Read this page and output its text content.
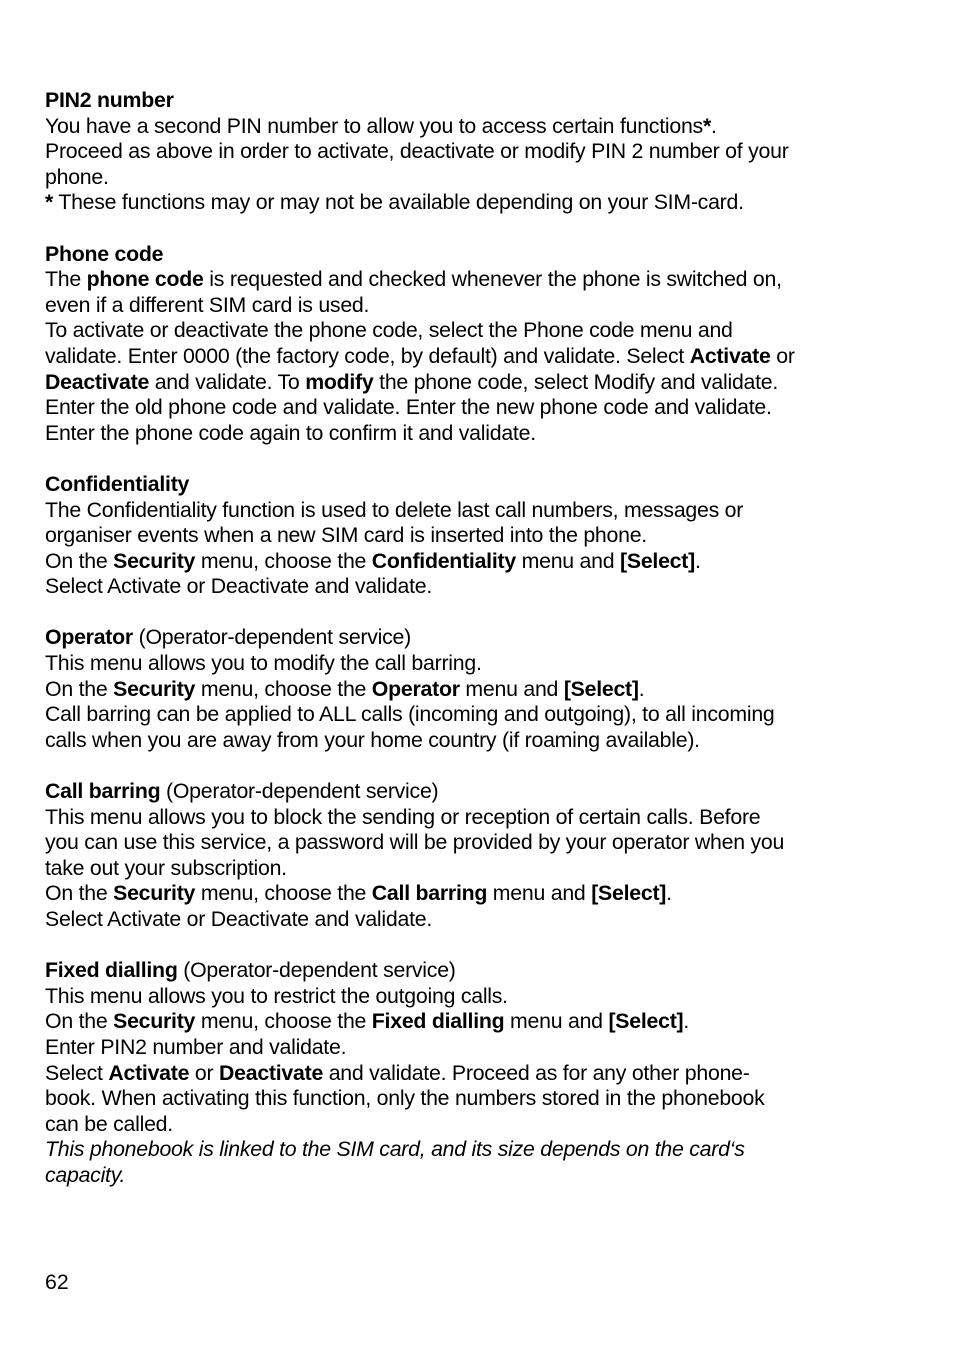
PIN2 number
You have a second PIN number to allow you to access certain functions*.
Proceed as above in order to activate, deactivate or modify PIN 2 number of your
phone.
* These functions may or may not be available depending on your SIM-card.
Phone code
The phone code is requested and checked whenever the phone is switched on,
even if a different SIM card is used.
To activate or deactivate the phone code, select the Phone code menu and
validate. Enter 0000 (the factory code, by default) and validate. Select Activate or
Deactivate and validate. To modify the phone code, select Modify and validate.
Enter the old phone code and validate. Enter the new phone code and validate.
Enter the phone code again to confirm it and validate.
Confidentiality
The Confidentiality function is used to delete last call numbers, messages or
organiser events when a new SIM card is inserted into the phone.
On the Security menu, choose the Confidentiality menu and [Select].
Select Activate or Deactivate and validate.
Operator (Operator-dependent service)
This menu allows you to modify the call barring.
On the Security menu, choose the Operator menu and [Select].
Call barring can be applied to ALL calls (incoming and outgoing), to all incoming
calls when you are away from your home country (if roaming available).
Call barring (Operator-dependent service)
This menu allows you to block the sending or reception of certain calls. Before
you can use this service, a password will be provided by your operator when you
take out your subscription.
On the Security menu, choose the Call barring menu and [Select].
Select Activate or Deactivate and validate.
Fixed dialling (Operator-dependent service)
This menu allows you to restrict the outgoing calls.
On the Security menu, choose the Fixed dialling menu and [Select].
Enter PIN2 number and validate.
Select Activate or Deactivate and validate. Proceed as for any other phone-
book. When activating this function, only the numbers stored in the phonebook
can be called.
This phonebook is linked to the SIM card, and its size depends on the card‘s
capacity.
62
